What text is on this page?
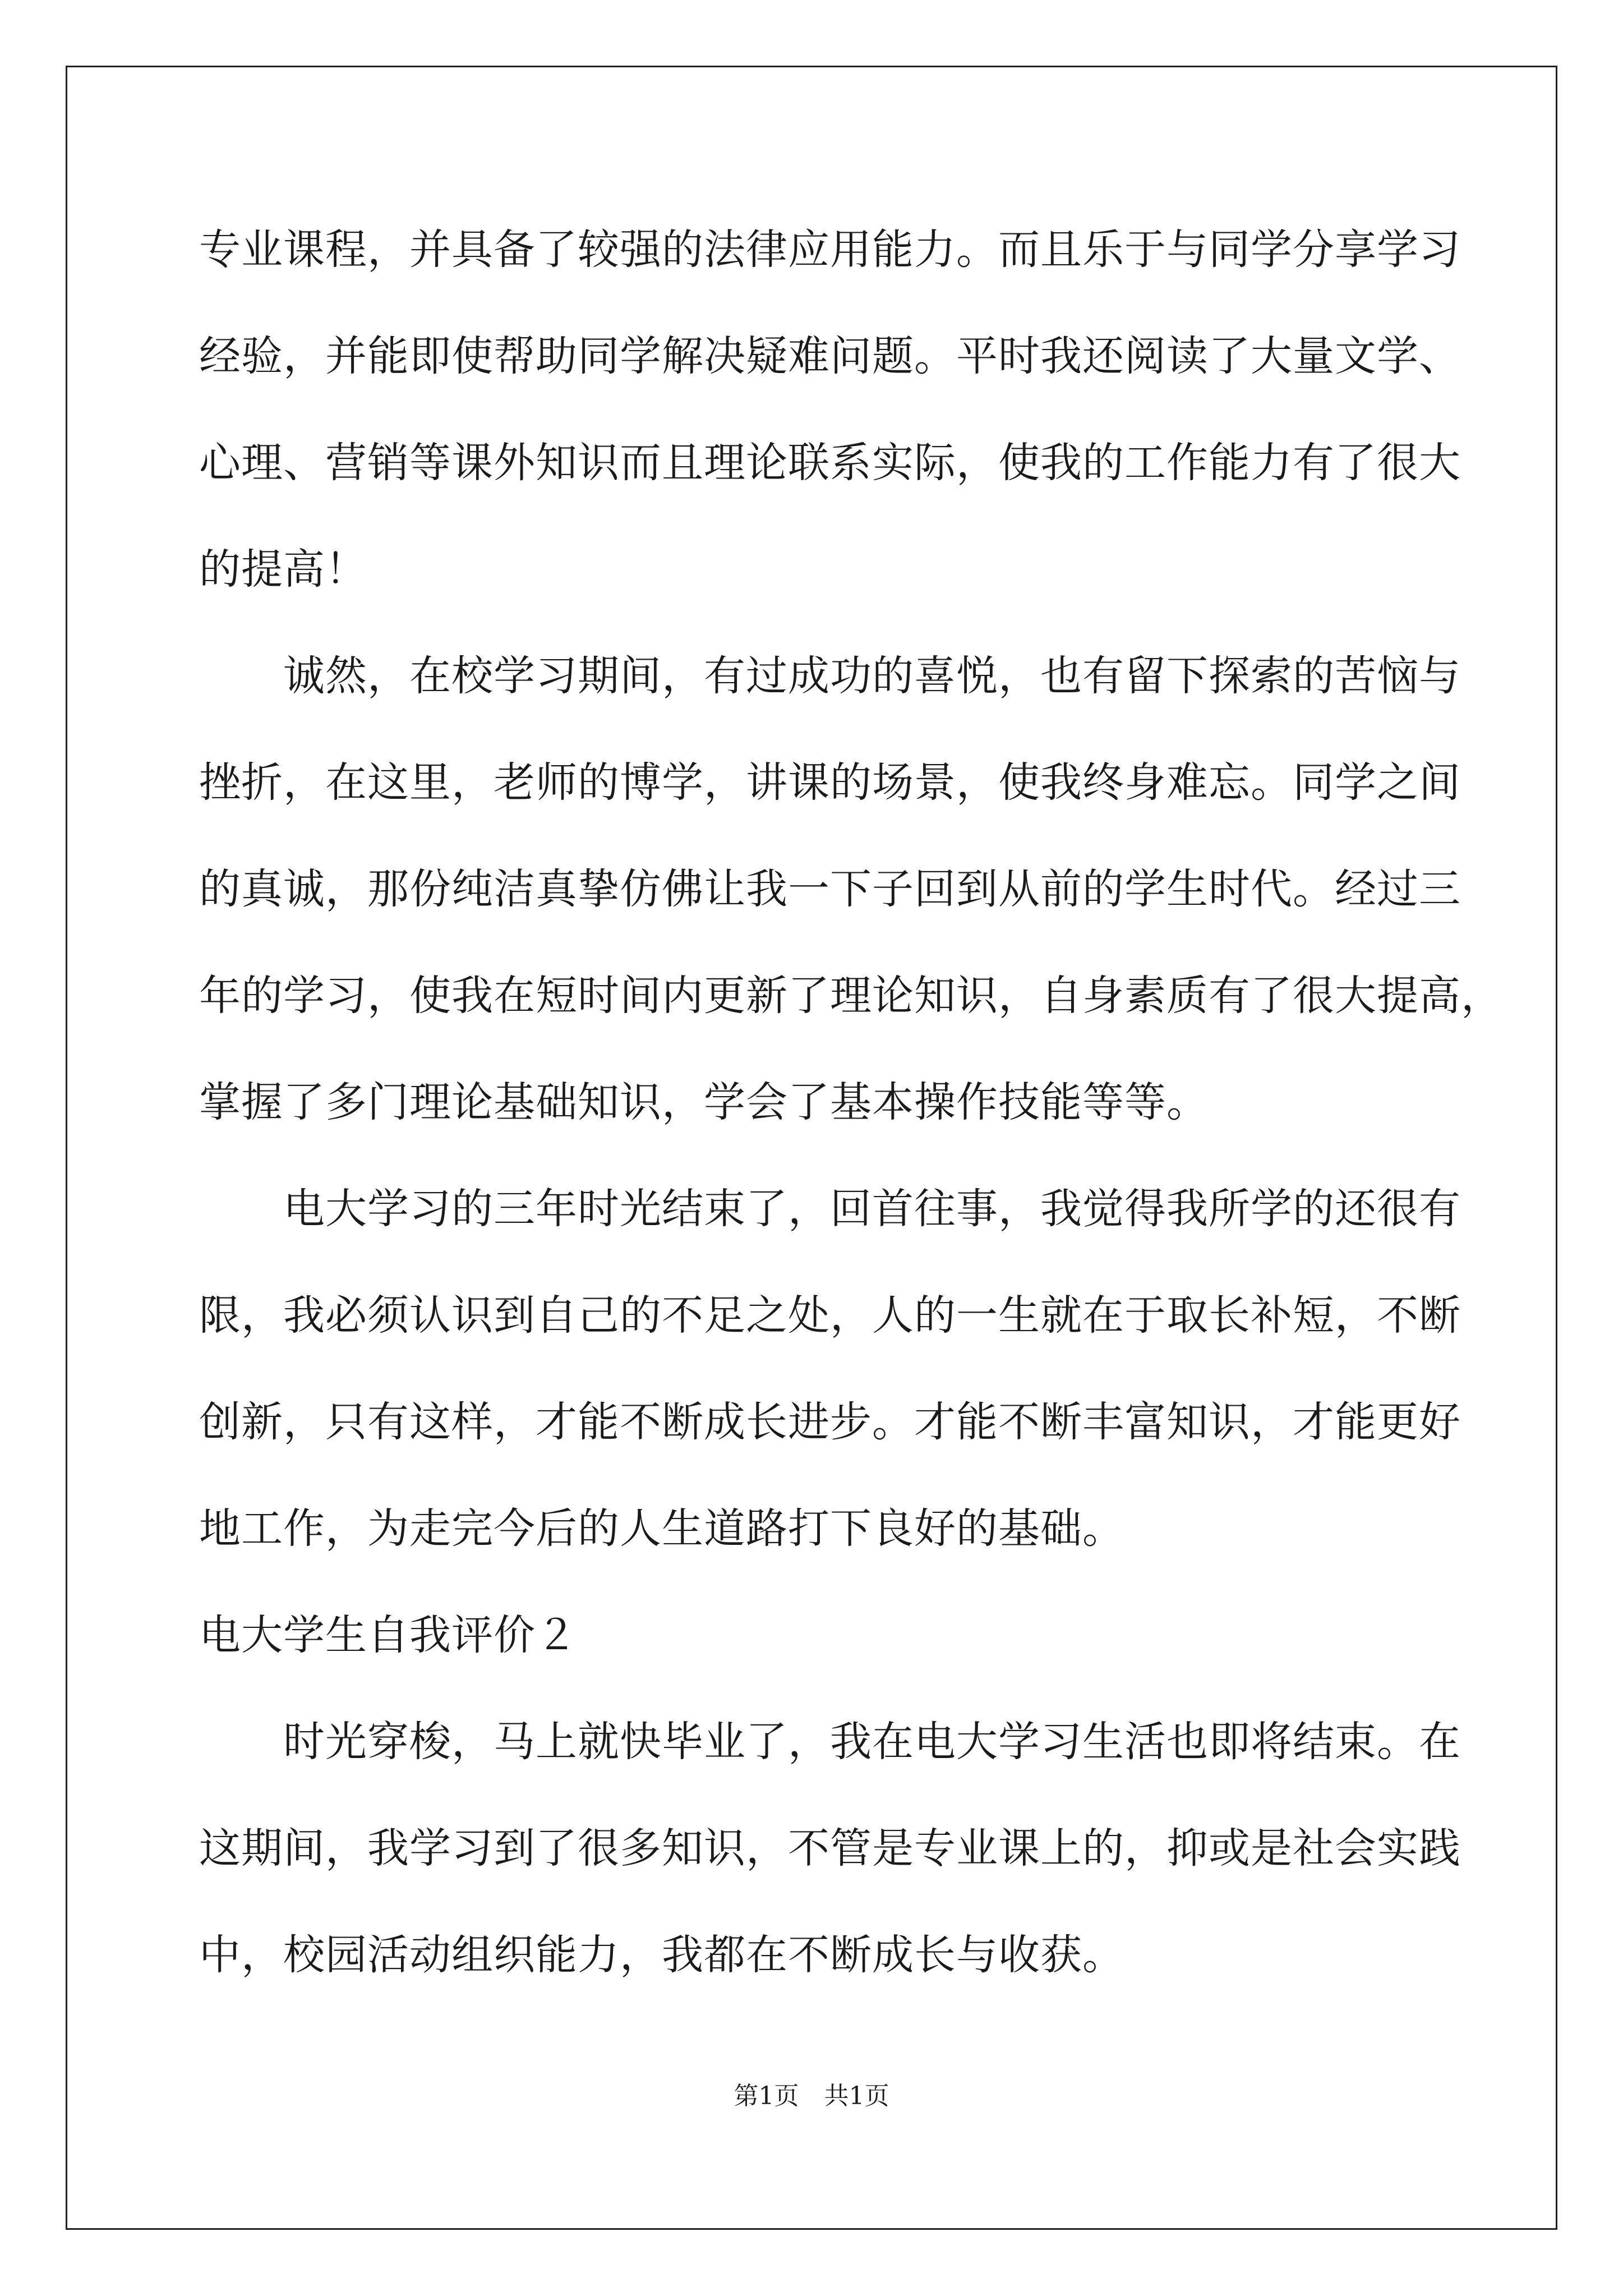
专业课程，并具备了较强的法律应用能力。而且乐于与同学分享学习
经验，并能即使帮助同学解决疑难问题。平时我还阅读了大量文学、
心理、营销等课外知识而且理论联系实际，使我的工作能力有了很大
的提高！
诚然，在校学习期间，有过成功的喜悦，也有留下探索的苦恼与
挫折，在这里，老师的博学，讲课的场景，使我终身难忘。同学之间
的真诚，那份纯洁真挚仿佛让我一下子回到从前的学生时代。经过三
年的学习，使我在短时间内更新了理论知识，自身素质有了很大提高，
掌握了多门理论基础知识，学会了基本操作技能等等。
电大学习的三年时光结束了，回首往事，我觉得我所学的还很有
限，我必须认识到自己的不足之处，人的一生就在于取长补短，不断
创新，只有这样，才能不断成长进步。才能不断丰富知识，才能更好
地工作，为走完今后的人生道路打下良好的基础。
电大学生自我评价２
时光穿梭，马上就快毕业了，我在电大学习生活也即将结束。在
这期间，我学习到了很多知识，不管是专业课上的，抑或是社会实践
中，校园活动组织能力，我都在不断成长与收获。
第1页 共1页
